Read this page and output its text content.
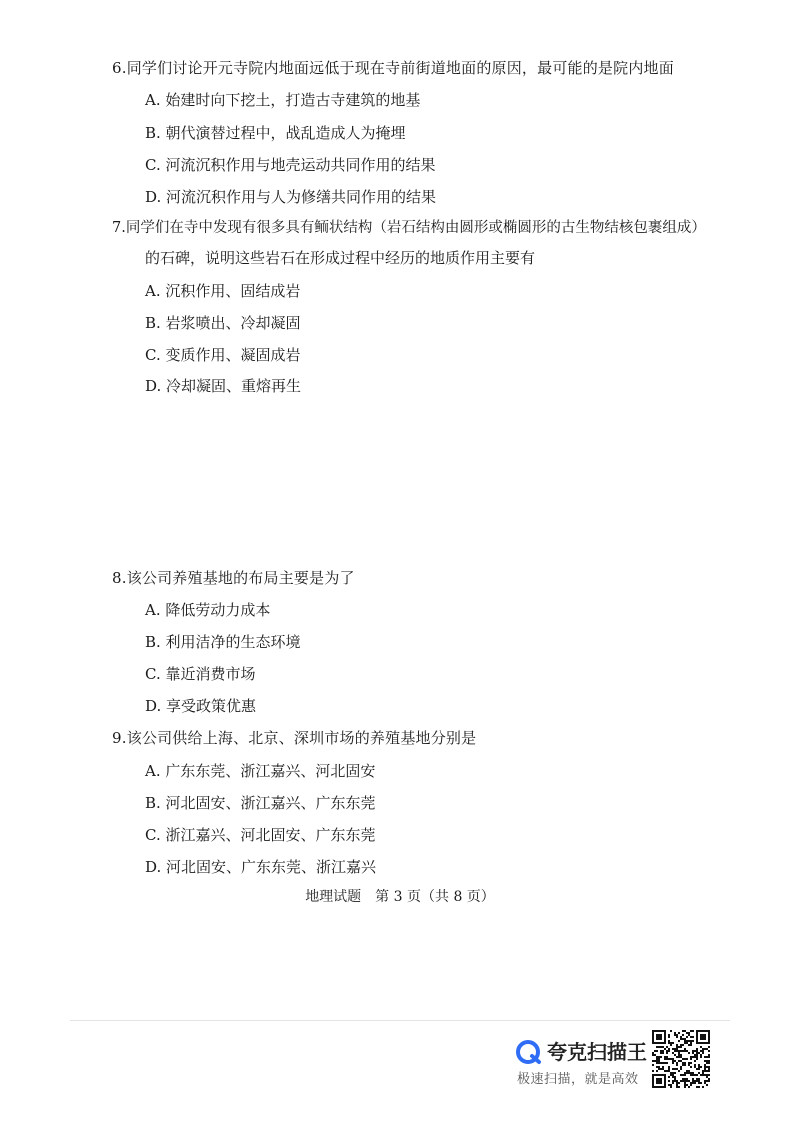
6.同学们讨论开元寺院内地面远低于现在寺前街道地面的原因，最可能的是院内地面
A. 始建时向下挖土，打造古寺建筑的地基
B. 朝代演替过程中，战乱造成人为掩埋
C. 河流沉积作用与地壳运动共同作用的结果
D. 河流沉积作用与人为修缮共同作用的结果
7.同学们在寺中发现有很多具有鲕状结构（岩石结构由圆形或椭圆形的古生物结核包裹组成）
的石碑，说明这些岩石在形成过程中经历的地质作用主要有
A. 沉积作用、固结成岩
B. 岩浆喷出、冷却凝固
C. 变质作用、凝固成岩
D. 冷却凝固、重熔再生
8.该公司养殖基地的布局主要是为了
A. 降低劳动力成本
B. 利用洁净的生态环境
C. 靠近消费市场
D. 享受政策优惠
9.该公司供给上海、北京、深圳市场的养殖基地分别是
A. 广东东莞、浙江嘉兴、河北固安
B. 河北固安、浙江嘉兴、广东东莞
C. 浙江嘉兴、河北固安、广东东莞
D. 河北固安、广东东莞、浙江嘉兴
地理试题　第 3 页（共 8 页）
夸克扫描王
极速扫描，就是高效
